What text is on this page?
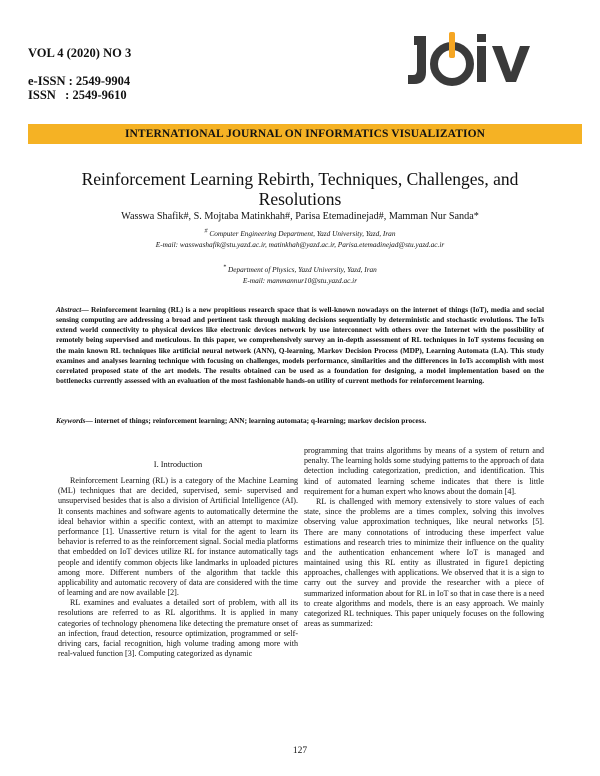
VOL 4 (2020) NO 3
e-ISSN : 2549-9904
ISSN   : 2549-9610
INTERNATIONAL JOURNAL ON INFORMATICS VISUALIZATION
Reinforcement Learning Rebirth, Techniques, Challenges, and Resolutions
Wasswa Shafik#, S. Mojtaba Matinkhah#, Parisa Etemadinejad#, Mamman Nur Sanda*
# Computer Engineering Department, Yazd University, Yazd, Iran
E-mail: wasswashafik@stu.yazd.ac.ir, matinkhah@yazd.ac.ir, Parisa.etemadinejad@stu.yazd.ac.ir
* Department of Physics, Yazd University, Yazd, Iran
E-mail: mammannur10@stu.yazd.ac.ir
Abstract— Reinforcement learning (RL) is a new propitious research space that is well-known nowadays on the internet of things (IoT), media and social sensing computing are addressing a broad and pertinent task through making decisions sequentially by deterministic and stochastic evolutions. The IoTs extend world connectivity to physical devices like electronic devices network by use interconnect with others over the Internet with the possibility of remotely being supervised and meticulous. In this paper, we comprehensively survey an in-depth assessment of RL techniques in IoT systems focusing on the main known RL techniques like artificial neural network (ANN), Q-learning, Markov Decision Process (MDP), Learning Automata (LA). This study examines and analyses learning technique with focusing on challenges, models performance, similarities and the differences in IoTs accomplish with most correlated proposed state of the art models. The results obtained can be used as a foundation for designing, a model implementation based on the bottlenecks currently assessed with an evaluation of the most fashionable hands-on utility of current methods for reinforcement learning.
Keywords— internet of things; reinforcement learning; ANN; learning automata; q-learning; markov decision process.
I. Introduction

Reinforcement Learning (RL) is a category of the Machine Learning (ML) techniques that are decided, supervised, semi- supervised and unsupervised besides that is also a division of Artificial Intelligence (AI). It consents machines and software agents to automatically determine the ideal behavior within a specific context, with an attempt to maximize performance [1]. Unassertive return is vital for the agent to learn its behavior is referred to as the reinforcement signal. Social media platforms that embedded on IoT devices utilize RL for instance automatically tags people and identify common objects like landmarks in uploaded pictures among more. Different numbers of the algorithm that tackle this applicability and automatic recovery of data are considered with the time of learning and are now available [2].

RL examines and evaluates a detailed sort of problem, with all its resolutions are referred to as RL algorithms. It is applied in many categories of technology phenomena like detecting the premature onset of an infection, fraud detection, resource optimization, programmed or self-driving cars, facial recognition, high volume trading among more with real-valued function [3]. Computing categorized as dynamic

programming that trains algorithms by means of a system of return and penalty. The learning holds some studying patterns to the approach of data detection including categorization, prediction, and identification. This kind of automated learning scheme indicates that there is little requirement for a human expert who knows about the domain [4].

RL is challenged with memory extensively to store values of each state, since the problems are a times complex, solving this involves observing value approximation techniques, like neural networks [5]. There are many connotations of introducing these imperfect value estimations and research tries to minimize their influence on the quality and the authentication enhancement where IoT is managed and maintained using this RL entity as illustrated in figure1 depicting approaches, challenges with applications. We observed that it is a sign to carry out the survey and provide the researcher with a piece of summarized information about for RL in IoT so that in case there is a need to create algorithms and models, there is an easy approach. We mainly categorized RL techniques. This paper uniquely focuses on the following areas as summarized:

127
